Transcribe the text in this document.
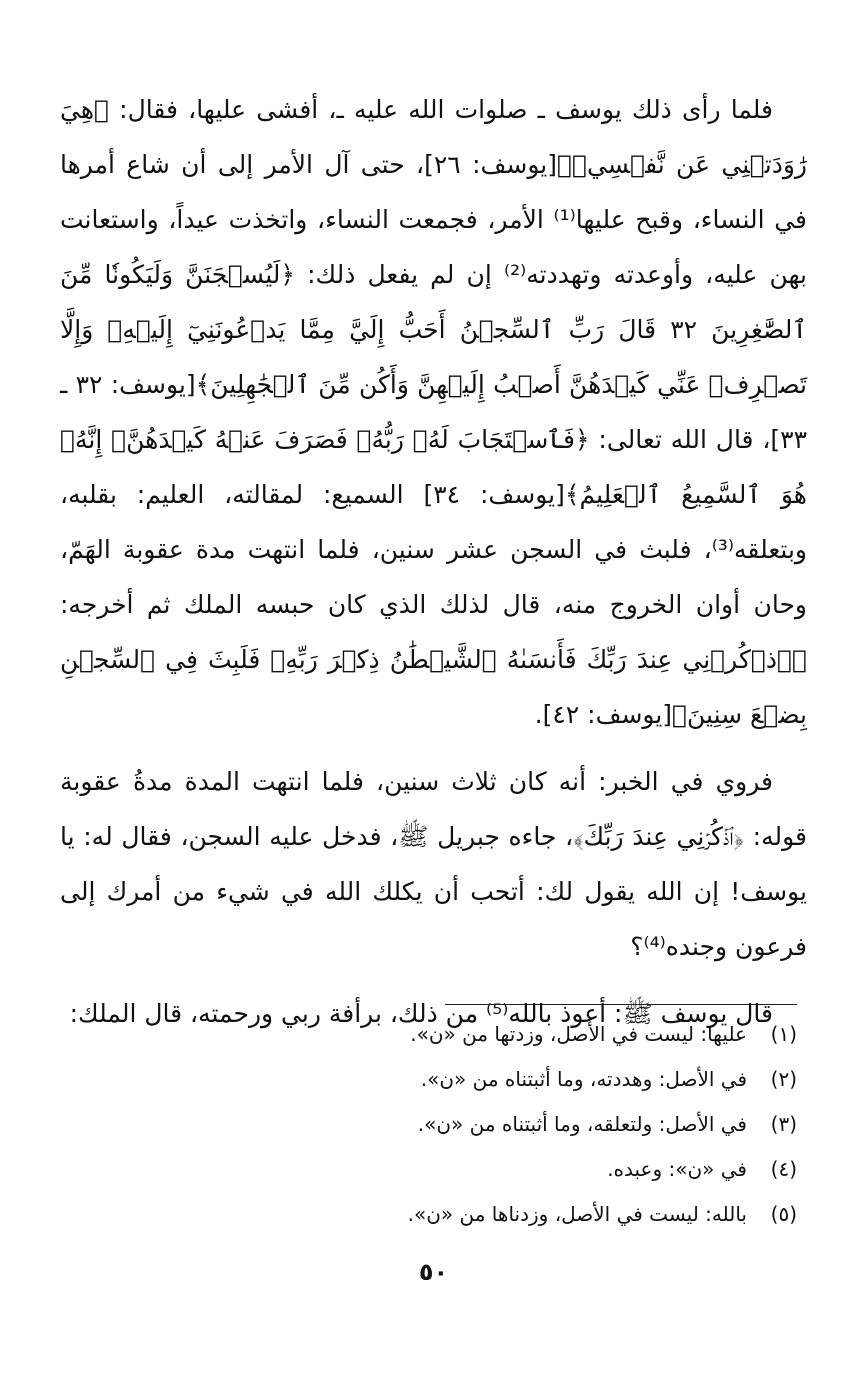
فلما رأى ذلك يوسف ـ صلوات الله عليه ـ، أفشى عليها، فقال: ﴿هِيَ رَٰوَدَتۡنِي عَن نَّفۡسِيۚ﴾[يوسف: ٢٦]، حتى آل الأمر إلى أن شاع أمرها في النساء، وقبح عليها⁽¹⁾ الأمر، فجمعت النساء، واتخذت عيداً، واستعانت بهن عليه، وأوعدته وتهددته⁽²⁾ إن لم يفعل ذلك: ﴿لَيُسۡجَنَنَّ وَلَيَكُونٗا مِّنَ ٱلصَّٰغِرِينَ ٣٢ قَالَ رَبِّ ٱلسِّجۡنُ أَحَبُّ إِلَيَّ مِمَّا يَدۡعُونَنِيٓ إِلَيۡهِۖ وَإِلَّا تَصۡرِفۡ عَنِّي كَيۡدَهُنَّ أَصۡبُ إِلَيۡهِنَّ وَأَكُن مِّنَ ٱلۡجَٰهِلِينَ﴾[يوسف: ٣٢ ـ ٣٣]، قال الله تعالى: ﴿فَٱسۡتَجَابَ لَهُۥ رَبُّهُۥ فَصَرَفَ عَنۡهُ كَيۡدَهُنَّۚ إِنَّهُۥ هُوَ ٱلسَّمِيعُ ٱلۡعَلِيمُ﴾[يوسف: ٣٤] السميع: لمقالته، العليم: بقلبه، وبتعلقه⁽³⁾، فلبث في السجن عشر سنين، فلما انتهت مدة عقوبة الهَمّ، وحان أوان الخروج منه، قال لذلك الذي كان حبسه الملك ثم أخرجه: ﴿ٱذۡكُرۡنِي عِندَ رَبِّكَ فَأَنسَىٰهُ ٱلشَّيۡطَٰنُ ذِكۡرَ رَبِّهِۦ فَلَبِثَ فِي ٱلسِّجۡنِ بِضۡعَ سِنِينَ﴾[يوسف: ٤٢].

فروي في الخبر: أنه كان ثلاث سنين، فلما انتهت المدة مدةُ عقوبة قوله: ﴿ٱذۡكُرۡنِي عِندَ رَبِّكَ﴾، جاءه جبريل ﷺ، فدخل عليه السجن، فقال له: يا يوسف! إن الله يقول لك: أتحب أن يكلك الله في شيء من أمرك إلى فرعون وجنده⁽⁴⁾؟

قال يوسف ﷺ: أعوذ بالله⁽⁵⁾ من ذلك، برأفة ربي ورحمته، قال الملك:

(١)
عليها: ليست في الأصل، وزدتها من «ن».
(٢)
في الأصل: وهددته، وما أثبتناه من «ن».
(٣)
في الأصل: ولتعلقه، وما أثبتناه من «ن».
(٤)
في «ن»: وعبده.
(٥)
بالله: ليست في الأصل، وزدناها من «ن».
٥٠
